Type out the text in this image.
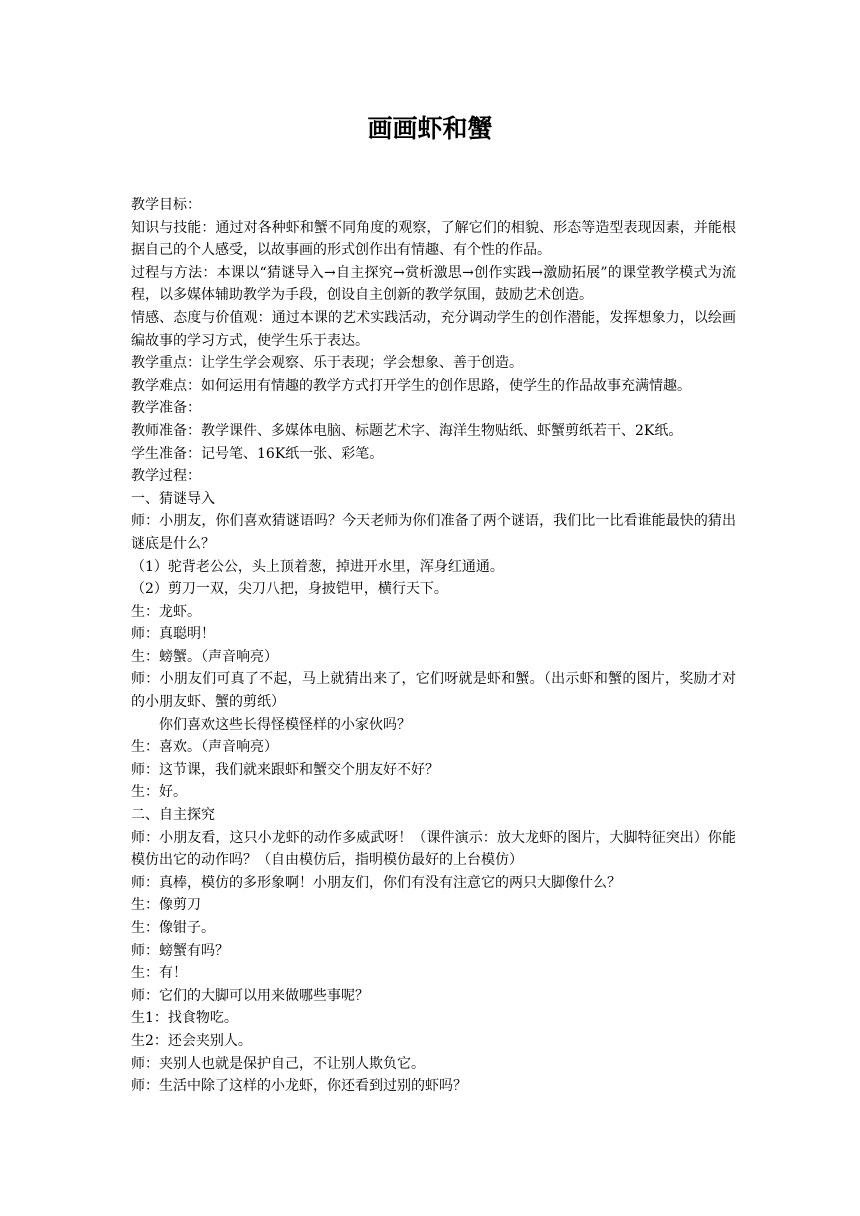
画画虾和蟹

教学目标：

知识与技能：通过对各种虾和蟹不同角度的观察，了解它们的相貌、形态等造型表现因素，并能根据自己的个人感受，以故事画的形式创作出有情趣、有个性的作品。

过程与方法：本课以“猜谜导入→自主探究→赏析激思→创作实践→激励拓展”的课堂教学模式为流程，以多媒体辅助教学为手段，创设自主创新的教学氛围，鼓励艺术创造。

情感、态度与价值观：通过本课的艺术实践活动，充分调动学生的创作潜能，发挥想象力，以绘画编故事的学习方式，使学生乐于表达。

教学重点：让学生学会观察、乐于表现；学会想象、善于创造。

教学难点：如何运用有情趣的教学方式打开学生的创作思路，使学生的作品故事充满情趣。

教学准备：

教师准备：教学课件、多媒体电脑、标题艺术字、海洋生物贴纸、虾蟹剪纸若干、2K纸。

学生准备：记号笔、16K纸一张、彩笔。

教学过程：

一、猜谜导入

师：小朋友，你们喜欢猜谜语吗？今天老师为你们准备了两个谜语，我们比一比看谁能最快的猜出谜底是什么？

（1）驼背老公公，头上顶着葱，掉进开水里，浑身红通通。

（2）剪刀一双，尖刀八把，身披铠甲，横行天下。

生：龙虾。

师：真聪明！

生：螃蟹。（声音响亮）

师：小朋友们可真了不起，马上就猜出来了，它们呀就是虾和蟹。（出示虾和蟹的图片，奖励才对的小朋友虾、蟹的剪纸）

你们喜欢这些长得怪模怪样的小家伙吗？

生：喜欢。（声音响亮）

师：这节课，我们就来跟虾和蟹交个朋友好不好？

生：好。

二、自主探究

师：小朋友看，这只小龙虾的动作多威武呀！（课件演示：放大龙虾的图片，大脚特征突出）你能模仿出它的动作吗？（自由模仿后，指明模仿最好的上台模仿）

师：真棒，模仿的多形象啊！小朋友们，你们有没有注意它的两只大脚像什么？

生：像剪刀

生：像钳子。

师：螃蟹有吗？

生：有！

师：它们的大脚可以用来做哪些事呢？

生1：找食物吃。

生2：还会夹别人。

师：夹别人也就是保护自己，不让别人欺负它。

师：生活中除了这样的小龙虾，你还看到过别的虾吗？
